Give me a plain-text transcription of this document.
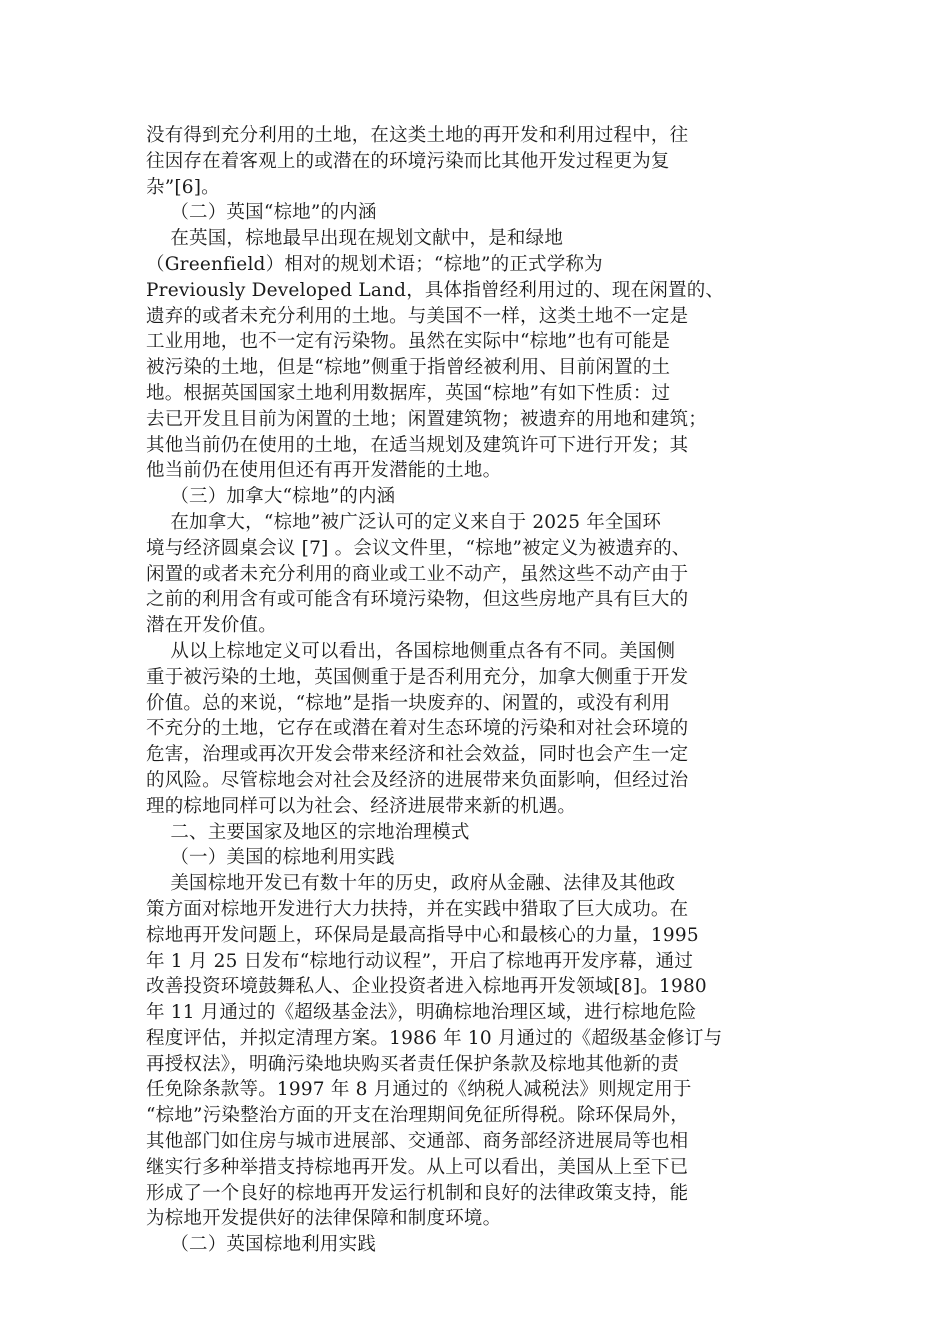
没有得到充分利用的土地，在这类土地的再开发和利用过程中，往
往因存在着客观上的或潜在的环境污染而比其他开发过程更为复
杂”[6]。
（二）英国“棕地”的内涵
在英国，棕地最早出现在规划文献中，是和绿地
（Greenfield）相对的规划术语；“棕地”的正式学称为
Previously Developed Land，具体指曾经利用过的、现在闲置的、
遗弃的或者未充分利用的土地。与美国不一样，这类土地不一定是
工业用地，也不一定有污染物。虽然在实际中“棕地”也有可能是
被污染的土地，但是“棕地”侧重于指曾经被利用、目前闲置的土
地。根据英国国家土地利用数据库，英国“棕地”有如下性质：过
去已开发且目前为闲置的土地；闲置建筑物；被遗弃的用地和建筑；
其他当前仍在使用的土地，在适当规划及建筑许可下进行开发；其
他当前仍在使用但还有再开发潜能的土地。
（三）加拿大“棕地”的内涵
在加拿大，“棕地”被广泛认可的定义来自于 2025 年全国环
境与经济圆桌会议 [7] 。会议文件里，“棕地”被定义为被遗弃的、
闲置的或者未充分利用的商业或工业不动产，虽然这些不动产由于
之前的利用含有或可能含有环境污染物，但这些房地产具有巨大的
潜在开发价值。
从以上棕地定义可以看出，各国棕地侧重点各有不同。美国侧
重于被污染的土地，英国侧重于是否利用充分，加拿大侧重于开发
价值。总的来说，“棕地”是指一块废弃的、闲置的，或没有利用
不充分的土地，它存在或潜在着对生态环境的污染和对社会环境的
危害，治理或再次开发会带来经济和社会效益，同时也会产生一定
的风险。尽管棕地会对社会及经济的进展带来负面影响，但经过治
理的棕地同样可以为社会、经济进展带来新的机遇。
二、主要国家及地区的宗地治理模式
（一）美国的棕地利用实践
美国棕地开发已有数十年的历史，政府从金融、法律及其他政
策方面对棕地开发进行大力扶持，并在实践中猎取了巨大成功。在
棕地再开发问题上，环保局是最高指导中心和最核心的力量，1995
年 1 月 25 日发布“棕地行动议程”，开启了棕地再开发序幕，通过
改善投资环境鼓舞私人、企业投资者进入棕地再开发领域[8]。1980
年 11 月通过的《超级基金法》，明确棕地治理区域，进行棕地危险
程度评估，并拟定清理方案。1986 年 10 月通过的《超级基金修订与
再授权法》，明确污染地块购买者责任保护条款及棕地其他新的责
任免除条款等。1997 年 8 月通过的《纳税人减税法》则规定用于
“棕地”污染整治方面的开支在治理期间免征所得税。除环保局外，
其他部门如住房与城市进展部、交通部、商务部经济进展局等也相
继实行多种举措支持棕地再开发。从上可以看出，美国从上至下已
形成了一个良好的棕地再开发运行机制和良好的法律政策支持，能
为棕地开发提供好的法律保障和制度环境。
（二）英国棕地利用实践
